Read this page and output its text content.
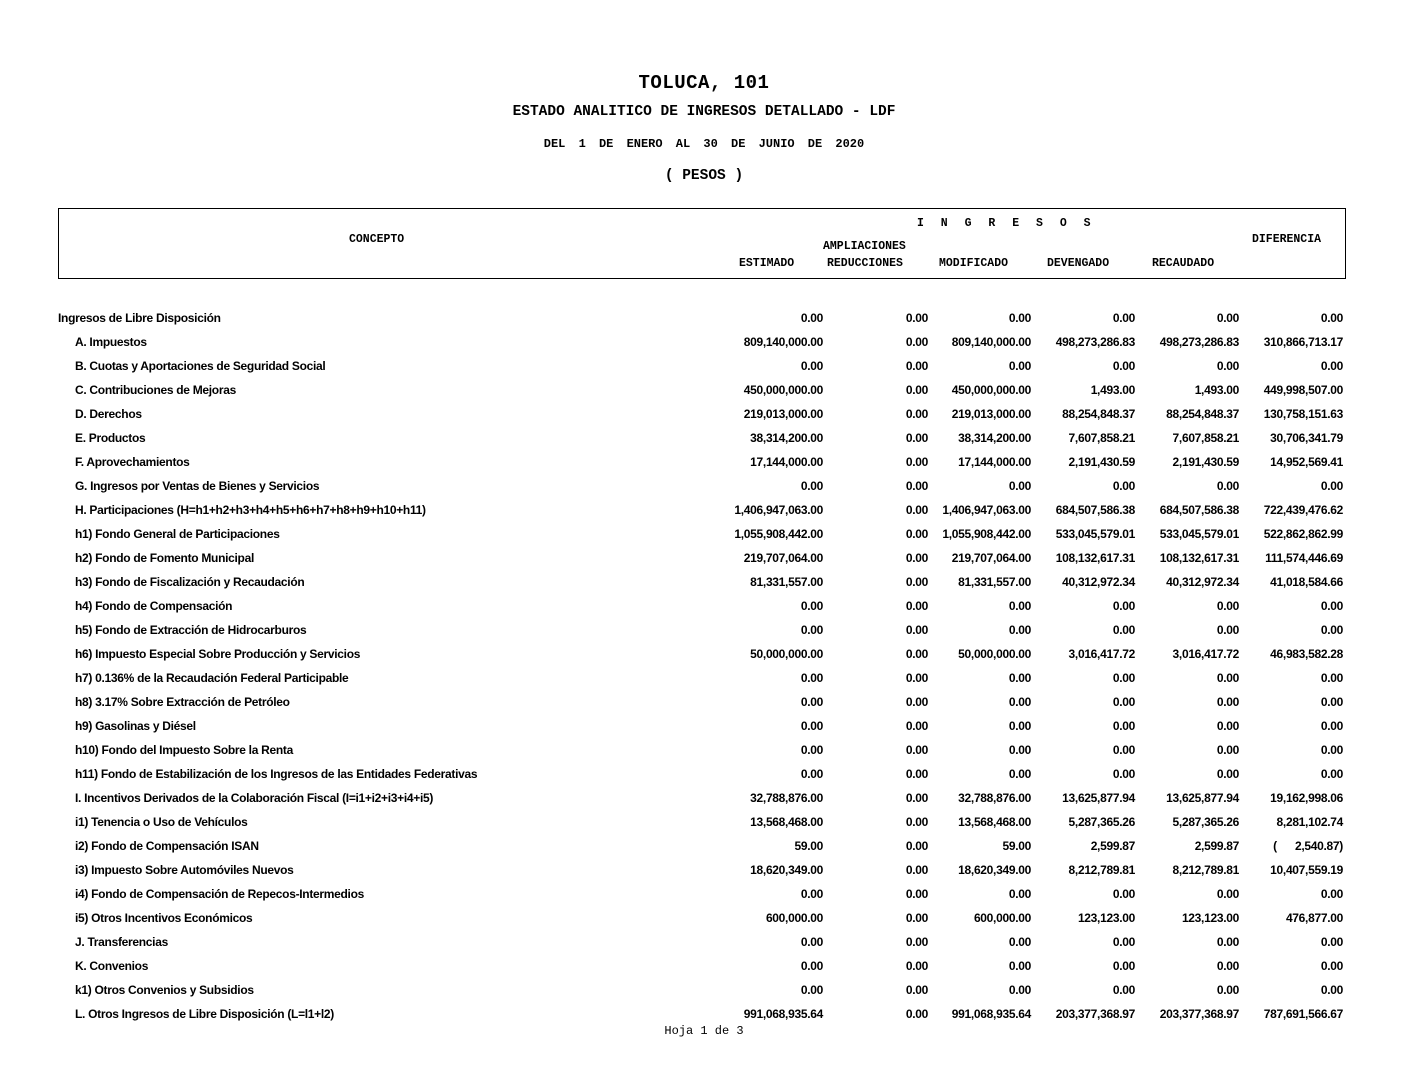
TOLUCA, 101
ESTADO ANALITICO DE INGRESOS DETALLADO - LDF
DEL 1 DE ENERO AL 30 DE JUNIO DE 2020
( PESOS )
CONCEPTO
I N G R E S O S
DIFERENCIA
AMPLIACIONES
ESTIMADO	REDUCCIONES	MODIFICADO	DEVENGADO	RECAUDADO
Ingresos de Libre Disposición	0.00	0.00	0.00	0.00	0.00	0.00
A. Impuestos	809,140,000.00	0.00 809,140,000.00 498,273,286.83 498,273,286.83 310,866,713.17
B. Cuotas y Aportaciones de Seguridad Social	0.00	0.00	0.00	0.00	0.00	0.00
C. Contribuciones de Mejoras	450,000,000.00	0.00 450,000,000.00	1,493.00	1,493.00 449,998,507.00
D. Derechos	219,013,000.00	0.00 219,013,000.00	88,254,848.37	88,254,848.37 130,758,151.63
E. Productos	38,314,200.00	0.00	38,314,200.00	7,607,858.21	7,607,858.21	30,706,341.79
F. Aprovechamientos	17,144,000.00	0.00	17,144,000.00	2,191,430.59	2,191,430.59	14,952,569.41
G. Ingresos por Ventas de Bienes y Servicios	0.00	0.00	0.00	0.00	0.00	0.00
H. Participaciones (H=h1+h2+h3+h4+h5+h6+h7+h8+h9+h10+h11)	1,406,947,063.00	0.00 1,406,947,063.00 684,507,586.38 684,507,586.38 722,439,476.62
h1) Fondo General de Participaciones	1,055,908,442.00	0.00 1,055,908,442.00 533,045,579.01 533,045,579.01 522,862,862.99
h2) Fondo de Fomento Municipal	219,707,064.00	0.00 219,707,064.00 108,132,617.31 108,132,617.31 111,574,446.69
h3) Fondo de Fiscalización y Recaudación	81,331,557.00	0.00	81,331,557.00	40,312,972.34	40,312,972.34	41,018,584.66
h4) Fondo de Compensación	0.00	0.00	0.00	0.00	0.00	0.00
h5) Fondo de Extracción de Hidrocarburos	0.00	0.00	0.00	0.00	0.00	0.00
h6) Impuesto Especial Sobre Producción y Servicios	50,000,000.00	0.00	50,000,000.00	3,016,417.72	3,016,417.72	46,983,582.28
h7) 0.136% de la Recaudación Federal Participable	0.00	0.00	0.00	0.00	0.00	0.00
h8) 3.17% Sobre Extracción de Petróleo	0.00	0.00	0.00	0.00	0.00	0.00
h9) Gasolinas y Diésel	0.00	0.00	0.00	0.00	0.00	0.00
h10) Fondo del Impuesto Sobre la Renta	0.00	0.00	0.00	0.00	0.00	0.00
h11) Fondo de Estabilización de los Ingresos de las Entidades Federativas	0.00	0.00	0.00	0.00	0.00	0.00
I. Incentivos Derivados de la Colaboración Fiscal (I=i1+i2+i3+i4+i5)	32,788,876.00	0.00	32,788,876.00	13,625,877.94	13,625,877.94	19,162,998.06
i1) Tenencia o Uso de Vehículos	13,568,468.00	0.00	13,568,468.00	5,287,365.26	5,287,365.26	8,281,102.74
i2) Fondo de Compensación ISAN	59.00	0.00	59.00	2,599.87	2,599.87	(      2,540.87)
i3) Impuesto Sobre Automóviles Nuevos	18,620,349.00	0.00	18,620,349.00	8,212,789.81	8,212,789.81	10,407,559.19
i4) Fondo de Compensación de Repecos-Intermedios	0.00	0.00	0.00	0.00	0.00	0.00
i5) Otros Incentivos Económicos	600,000.00	0.00	600,000.00	123,123.00	123,123.00	476,877.00
J. Transferencias	0.00	0.00	0.00	0.00	0.00	0.00
K. Convenios	0.00	0.00	0.00	0.00	0.00	0.00
k1) Otros Convenios y Subsidios	0.00	0.00	0.00	0.00	0.00	0.00
L. Otros Ingresos de Libre Disposición (L=l1+l2)	991,068,935.64	0.00 991,068,935.64 203,377,368.97 203,377,368.97 787,691,566.67
Hoja 1 de 3
